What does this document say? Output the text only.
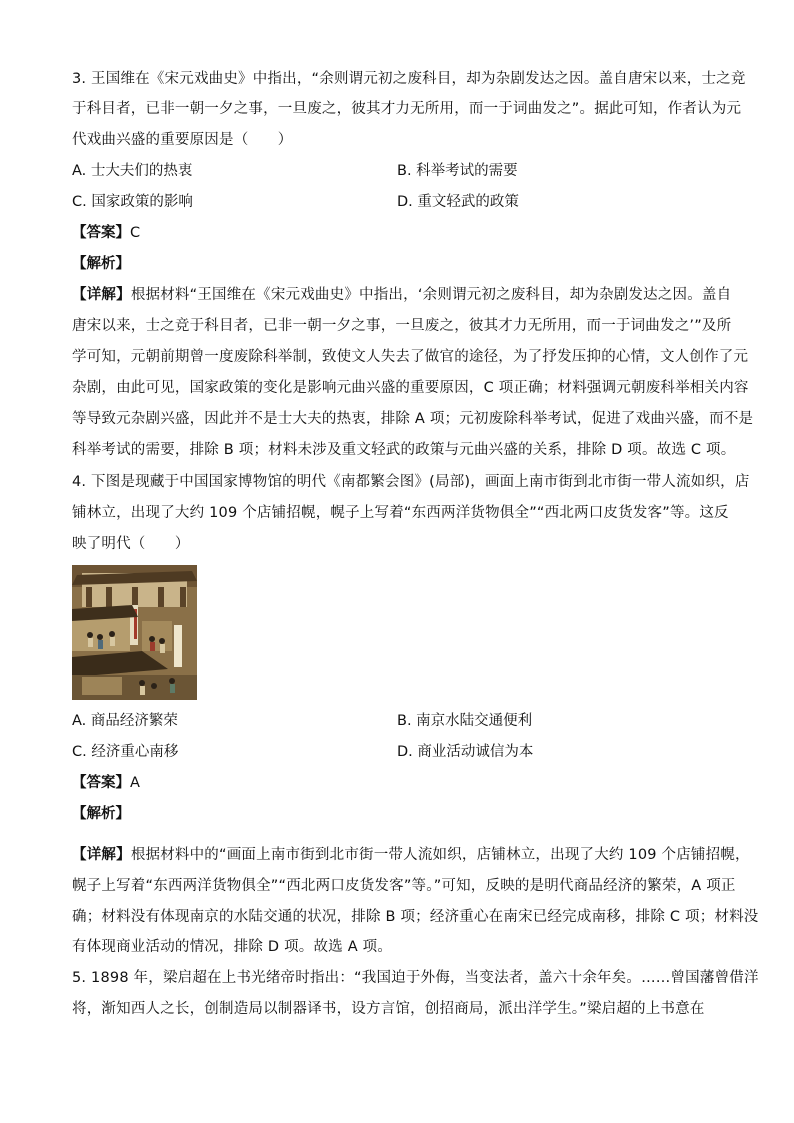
3. 王国维在《宋元戏曲史》中指出，“余则谓元初之废科目，却为杂剧发达之因。盖自唐宋以来，士之竞
于科目者，已非一朝一夕之事，一旦废之，彼其才力无所用，而一于词曲发之”。据此可知，作者认为元
代戏曲兴盛的重要原因是（　　）
A. 士大夫们的热衷	B. 科举考试的需要
C. 国家政策的影响	D. 重文轻武的政策
【答案】C
【解析】
【详解】根据材料“王国维在《宋元戏曲史》中指出，‘余则谓元初之废科目，却为杂剧发达之因。盖自
唐宋以来，士之竞于科目者，已非一朝一夕之事，一旦废之，彼其才力无所用，而一于词曲发之’”及所
学可知，元朝前期曾一度废除科举制，致使文人失去了做官的途径，为了抒发压抑的心情，文人创作了元
杂剧，由此可见，国家政策的变化是影响元曲兴盛的重要原因，C 项正确；材料强调元朝废科举相关内容
等导致元杂剧兴盛，因此并不是士大夫的热衷，排除 A 项；元初废除科举考试，促进了戏曲兴盛，而不是
科举考试的需要，排除 B 项；材料未涉及重文轻武的政策与元曲兴盛的关系，排除 D 项。故选 C 项。
4. 下图是现藏于中国国家博物馆的明代《南都繁会图》(局部)，画面上南市街到北市街一带人流如织，店
铺林立，出现了大约 109 个店铺招幌，幌子上写着“东西两洋货物俱全”“西北两口皮货发客”等。这反
映了明代（　　）
A. 商品经济繁荣	B. 南京水陆交通便利
C. 经济重心南移	D. 商业活动诚信为本
【答案】A
【解析】
【详解】根据材料中的“画面上南市街到北市街一带人流如织，店铺林立，出现了大约 109 个店铺招幌，
幌子上写着“东西两洋货物俱全”“西北两口皮货发客”等。”可知，反映的是明代商品经济的繁荣，A 项正
确；材料没有体现南京的水陆交通的状况，排除 B 项；经济重心在南宋已经完成南移，排除 C 项；材料没
有体现商业活动的情况，排除 D 项。故选 A 项。
5. 1898 年，梁启超在上书光绪帝时指出：“我国迫于外侮，当变法者，盖六十余年矣。……曾国藩曾借洋
将，渐知西人之长，创制造局以制器译书，设方言馆，创招商局，派出洋学生。”梁启超的上书意在
